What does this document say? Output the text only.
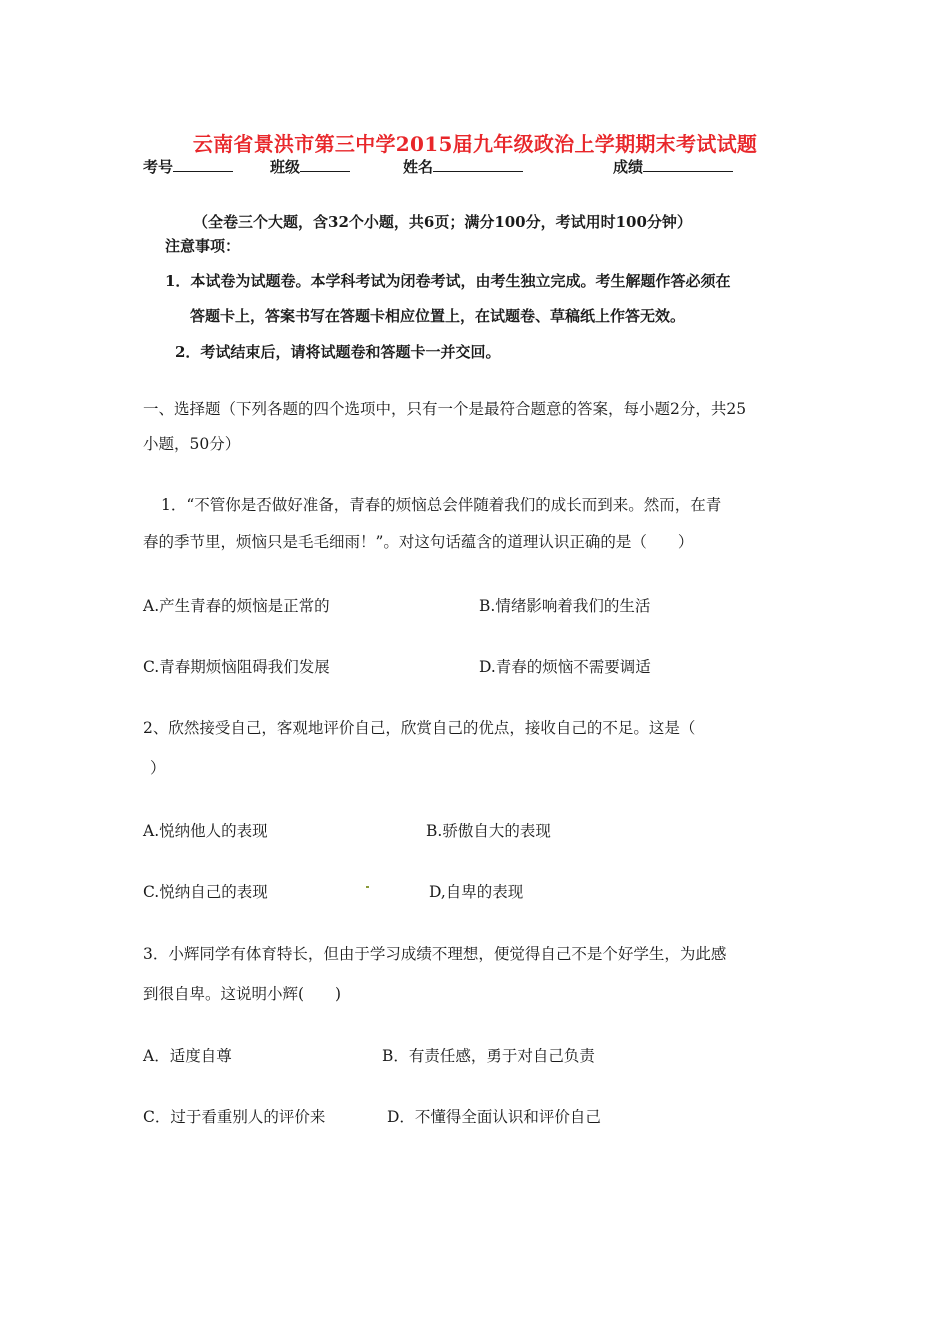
云南省景洪市第三中学2015届九年级政治上学期期末考试试题
考号	班级	姓名	成绩
（全卷三个大题，含32个小题，共6页；满分100分，考试用时100分钟）
注意事项：
1．本试卷为试题卷。本学科考试为闭卷考试，由考生独立完成。考生解题作答必须在
答题卡上，答案书写在答题卡相应位置上，在试题卷、草稿纸上作答无效。
2．考试结束后，请将试题卷和答题卡一并交回。
一、选择题（下列各题的四个选项中，只有一个是最符合题意的答案，每小题2分，共25
小题，50分）
1．“不管你是否做好准备，青春的烦恼总会伴随着我们的成长而到来。然而，在青
春的季节里，烦恼只是毛毛细雨！”。对这句话蕴含的道理认识正确的是（　　）
A.产生青春的烦恼是正常的	B.情绪影响着我们的生活
C.青春期烦恼阻碍我们发展	D.青春的烦恼不需要调适
2、欣然接受自己，客观地评价自己，欣赏自己的优点，接收自己的不足。这是（
）
A.悦纳他人的表现	B.骄傲自大的表现
C.悦纳自己的表现	D,自卑的表现
3．小辉同学有体育特长，但由于学习成绩不理想，便觉得自己不是个好学生，为此感
到很自卑。这说明小辉(　　)
A．适度自尊	B．有责任感，勇于对自己负责
C．过于看重别人的评价来	D．不懂得全面认识和评价自己
